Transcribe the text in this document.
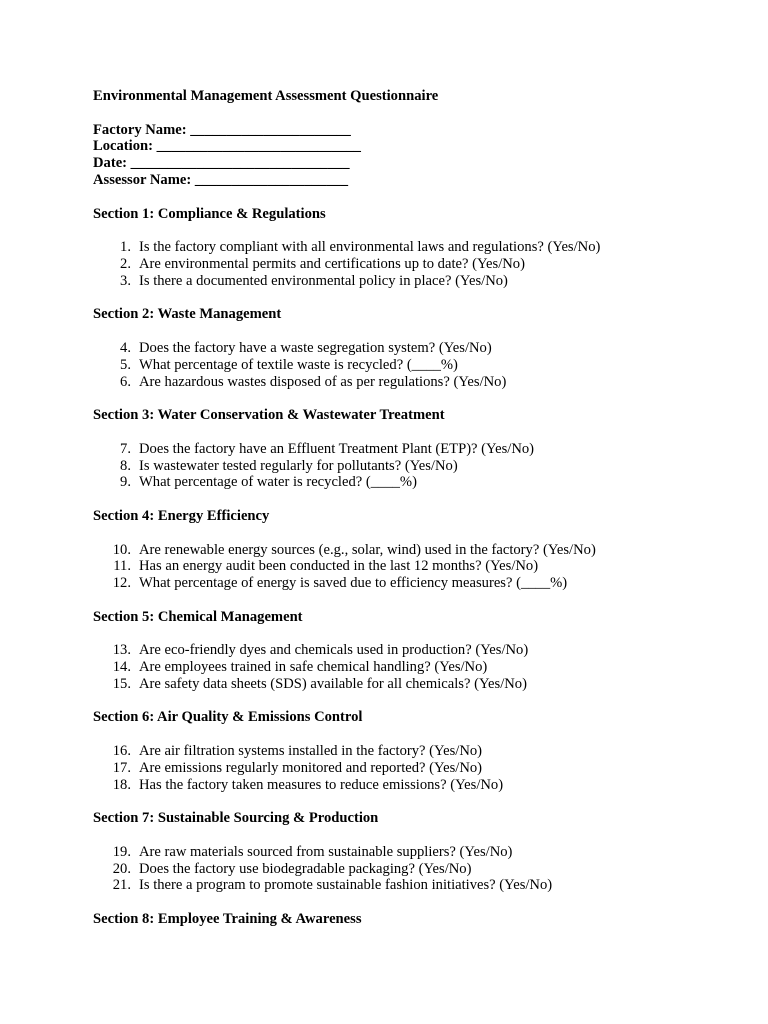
Environmental Management Assessment Questionnaire
Factory Name: ______________________
Location: ____________________________
Date: ______________________________
Assessor Name: _____________________
Section 1: Compliance & Regulations
1. Is the factory compliant with all environmental laws and regulations? (Yes/No)
2. Are environmental permits and certifications up to date? (Yes/No)
3. Is there a documented environmental policy in place? (Yes/No)
Section 2: Waste Management
4. Does the factory have a waste segregation system? (Yes/No)
5. What percentage of textile waste is recycled? (____%)
6. Are hazardous wastes disposed of as per regulations? (Yes/No)
Section 3: Water Conservation & Wastewater Treatment
7. Does the factory have an Effluent Treatment Plant (ETP)? (Yes/No)
8. Is wastewater tested regularly for pollutants? (Yes/No)
9. What percentage of water is recycled? (____%)
Section 4: Energy Efficiency
10. Are renewable energy sources (e.g., solar, wind) used in the factory? (Yes/No)
11. Has an energy audit been conducted in the last 12 months? (Yes/No)
12. What percentage of energy is saved due to efficiency measures? (____%)
Section 5: Chemical Management
13. Are eco-friendly dyes and chemicals used in production? (Yes/No)
14. Are employees trained in safe chemical handling? (Yes/No)
15. Are safety data sheets (SDS) available for all chemicals? (Yes/No)
Section 6: Air Quality & Emissions Control
16. Are air filtration systems installed in the factory? (Yes/No)
17. Are emissions regularly monitored and reported? (Yes/No)
18. Has the factory taken measures to reduce emissions? (Yes/No)
Section 7: Sustainable Sourcing & Production
19. Are raw materials sourced from sustainable suppliers? (Yes/No)
20. Does the factory use biodegradable packaging? (Yes/No)
21. Is there a program to promote sustainable fashion initiatives? (Yes/No)
Section 8: Employee Training & Awareness
